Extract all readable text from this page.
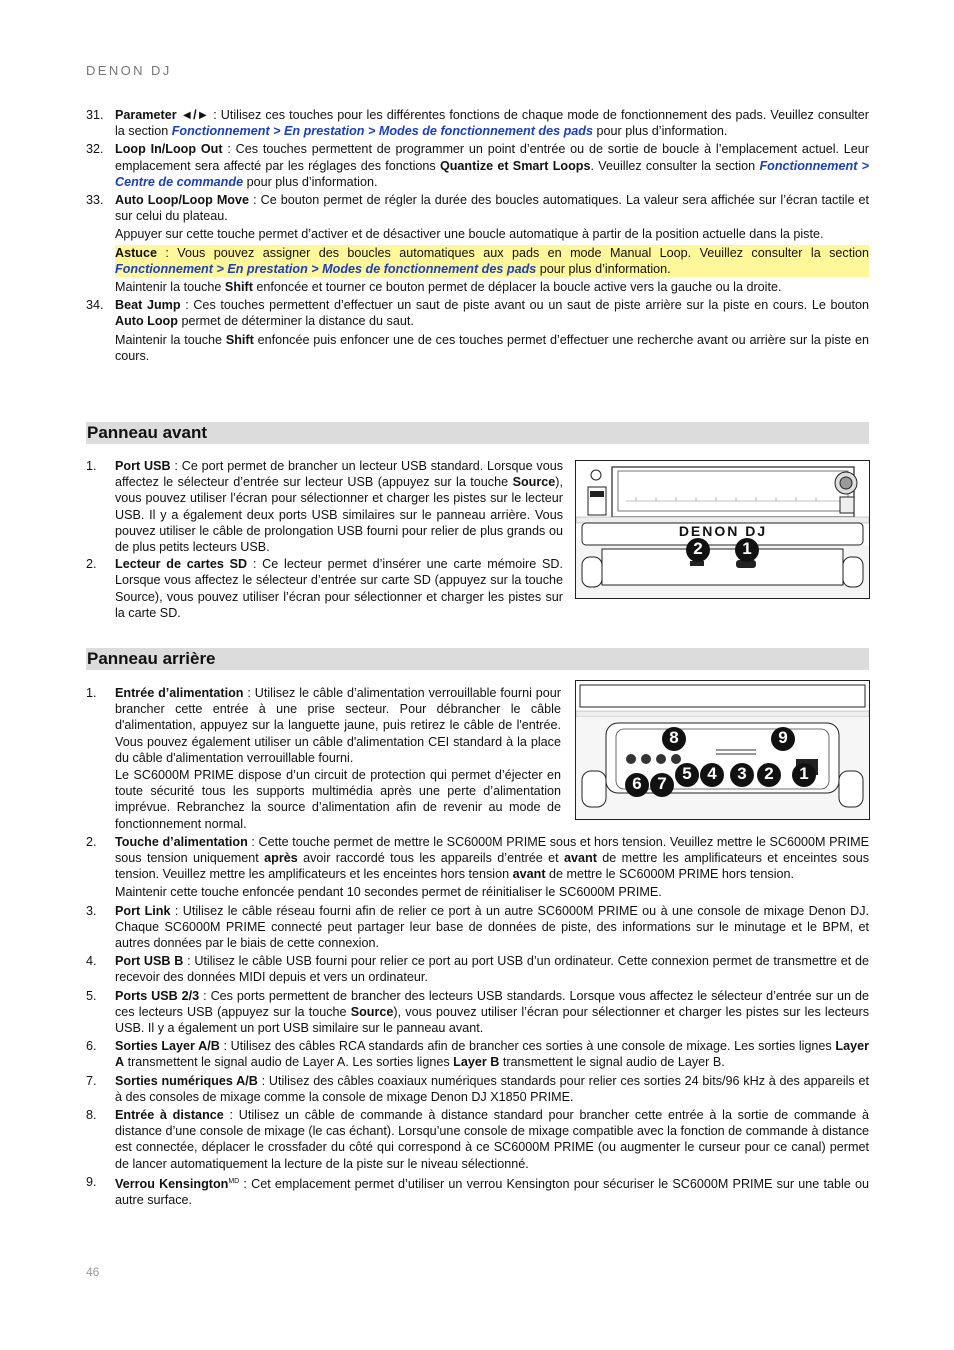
DENON DJ
31. Parameter ◄/► : Utilisez ces touches pour les différentes fonctions de chaque mode de fonctionnement des pads. Veuillez consulter la section Fonctionnement > En prestation > Modes de fonctionnement des pads pour plus d’information.

32. Loop In/Loop Out : Ces touches permettent de programmer un point d’entrée ou de sortie de boucle à l’emplacement actuel. Leur emplacement sera affecté par les réglages des fonctions Quantize et Smart Loops. Veuillez consulter la section Fonctionnement > Centre de commande pour plus d’information.

33. Auto Loop/Loop Move : Ce bouton permet de régler la durée des boucles automatiques. La valeur sera affichée sur l’écran tactile et sur celui du plateau.

Appuyer sur cette touche permet d’activer et de désactiver une boucle automatique à partir de la position actuelle dans la piste.

Astuce : Vous pouvez assigner des boucles automatiques aux pads en mode Manual Loop. Veuillez consulter la section Fonctionnement > En prestation > Modes de fonctionnement des pads pour plus d’information.

Maintenir la touche Shift enfoncée et tourner ce bouton permet de déplacer la boucle active vers la gauche ou la droite.

34. Beat Jump : Ces touches permettent d’effectuer un saut de piste avant ou un saut de piste arrière sur la piste en cours. Le bouton Auto Loop permet de déterminer la distance du saut.

Maintenir la touche Shift enfoncée puis enfoncer une de ces touches permet d’effectuer une recherche avant ou arrière sur la piste en cours.

Panneau avant
1. Port USB : Ce port permet de brancher un lecteur USB standard. Lorsque vous affectez le sélecteur d’entrée sur lecteur USB (appuyez sur la touche Source), vous pouvez utiliser l’écran pour sélectionner et charger les pistes sur le lecteur USB. Il y a également deux ports USB similaires sur le panneau arrière. Vous pouvez utiliser le câble de prolongation USB fourni pour relier de plus grands ou de plus petits lecteurs USB.

2. Lecteur de cartes SD : Ce lecteur permet d’insérer une carte mémoire SD. Lorsque vous affectez le sélecteur d’entrée sur carte SD (appuyez sur la touche Source), vous pouvez utiliser l’écran pour sélectionner et charger les pistes sur la carte SD.

DENON DJ
2	1
Panneau arrière
1. Entrée d’alimentation : Utilisez le câble d’alimentation verrouillable fourni pour brancher cette entrée à une prise secteur. Pour débrancher le câble d'alimentation, appuyez sur la languette jaune, puis retirez le câble de l'entrée. Vous pouvez également utiliser un câble d'alimentation CEI standard à la place du câble d'alimentation verrouillable fourni.

Le SC6000M PRIME dispose d’un circuit de protection qui permet d’éjecter en toute sécurité tous les supports multimédia après une perte d’alimentation imprévue. Rebranchez la source d’alimentation afin de revenir au mode de fonctionnement normal.

2. Touche d’alimentation : Cette touche permet de mettre le SC6000M PRIME sous et hors tension. Veuillez mettre le SC6000M PRIME sous tension uniquement après avoir raccordé tous les appareils d’entrée et avant de mettre les amplificateurs et enceintes sous tension. Veuillez mettre les amplificateurs et les enceintes hors tension avant de mettre le SC6000M PRIME hors tension.

Maintenir cette touche enfoncée pendant 10 secondes permet de réinitialiser le SC6000M PRIME.

3. Port Link : Utilisez le câble réseau fourni afin de relier ce port à un autre SC6000M PRIME ou à une console de mixage Denon DJ. Chaque SC6000M PRIME connecté peut partager leur base de données de piste, des informations sur le minutage et le BPM, et autres données par le biais de cette connexion.

4. Port USB B : Utilisez le câble USB fourni pour relier ce port au port USB d’un ordinateur. Cette connexion permet de transmettre et de recevoir des données MIDI depuis et vers un ordinateur.

5. Ports USB 2/3 : Ces ports permettent de brancher des lecteurs USB standards. Lorsque vous affectez le sélecteur d’entrée sur un de ces lecteurs USB (appuyez sur la touche Source), vous pouvez utiliser l’écran pour sélectionner et charger les pistes sur les lecteurs USB. Il y a également un port USB similaire sur le panneau avant.

6. Sorties Layer A/B : Utilisez des câbles RCA standards afin de brancher ces sorties à une console de mixage. Les sorties lignes Layer A transmettent le signal audio de Layer A. Les sorties lignes Layer B transmettent le signal audio de Layer B.

7. Sorties numériques A/B : Utilisez des câbles coaxiaux numériques standards pour relier ces sorties 24 bits/96 kHz à des appareils et à des consoles de mixage comme la console de mixage Denon DJ X1850 PRIME.

8. Entrée à distance : Utilisez un câble de commande à distance standard pour brancher cette entrée à la sortie de commande à distance d’une console de mixage (le cas échant). Lorsqu’une console de mixage compatible avec la fonction de commande à distance est connectée, déplacer le crossfader du côté qui correspond à ce SC6000M PRIME (ou augmenter le curseur pour ce canal) permet de lancer automatiquement la lecture de la piste sur le niveau sélectionné.

9. Verrou Kensington$^{MD}$ : Cet emplacement permet d’utiliser un verrou Kensington pour sécuriser le SC6000M PRIME sur une table ou autre surface.

8	9
6 7
5 4	3	2	1
46
